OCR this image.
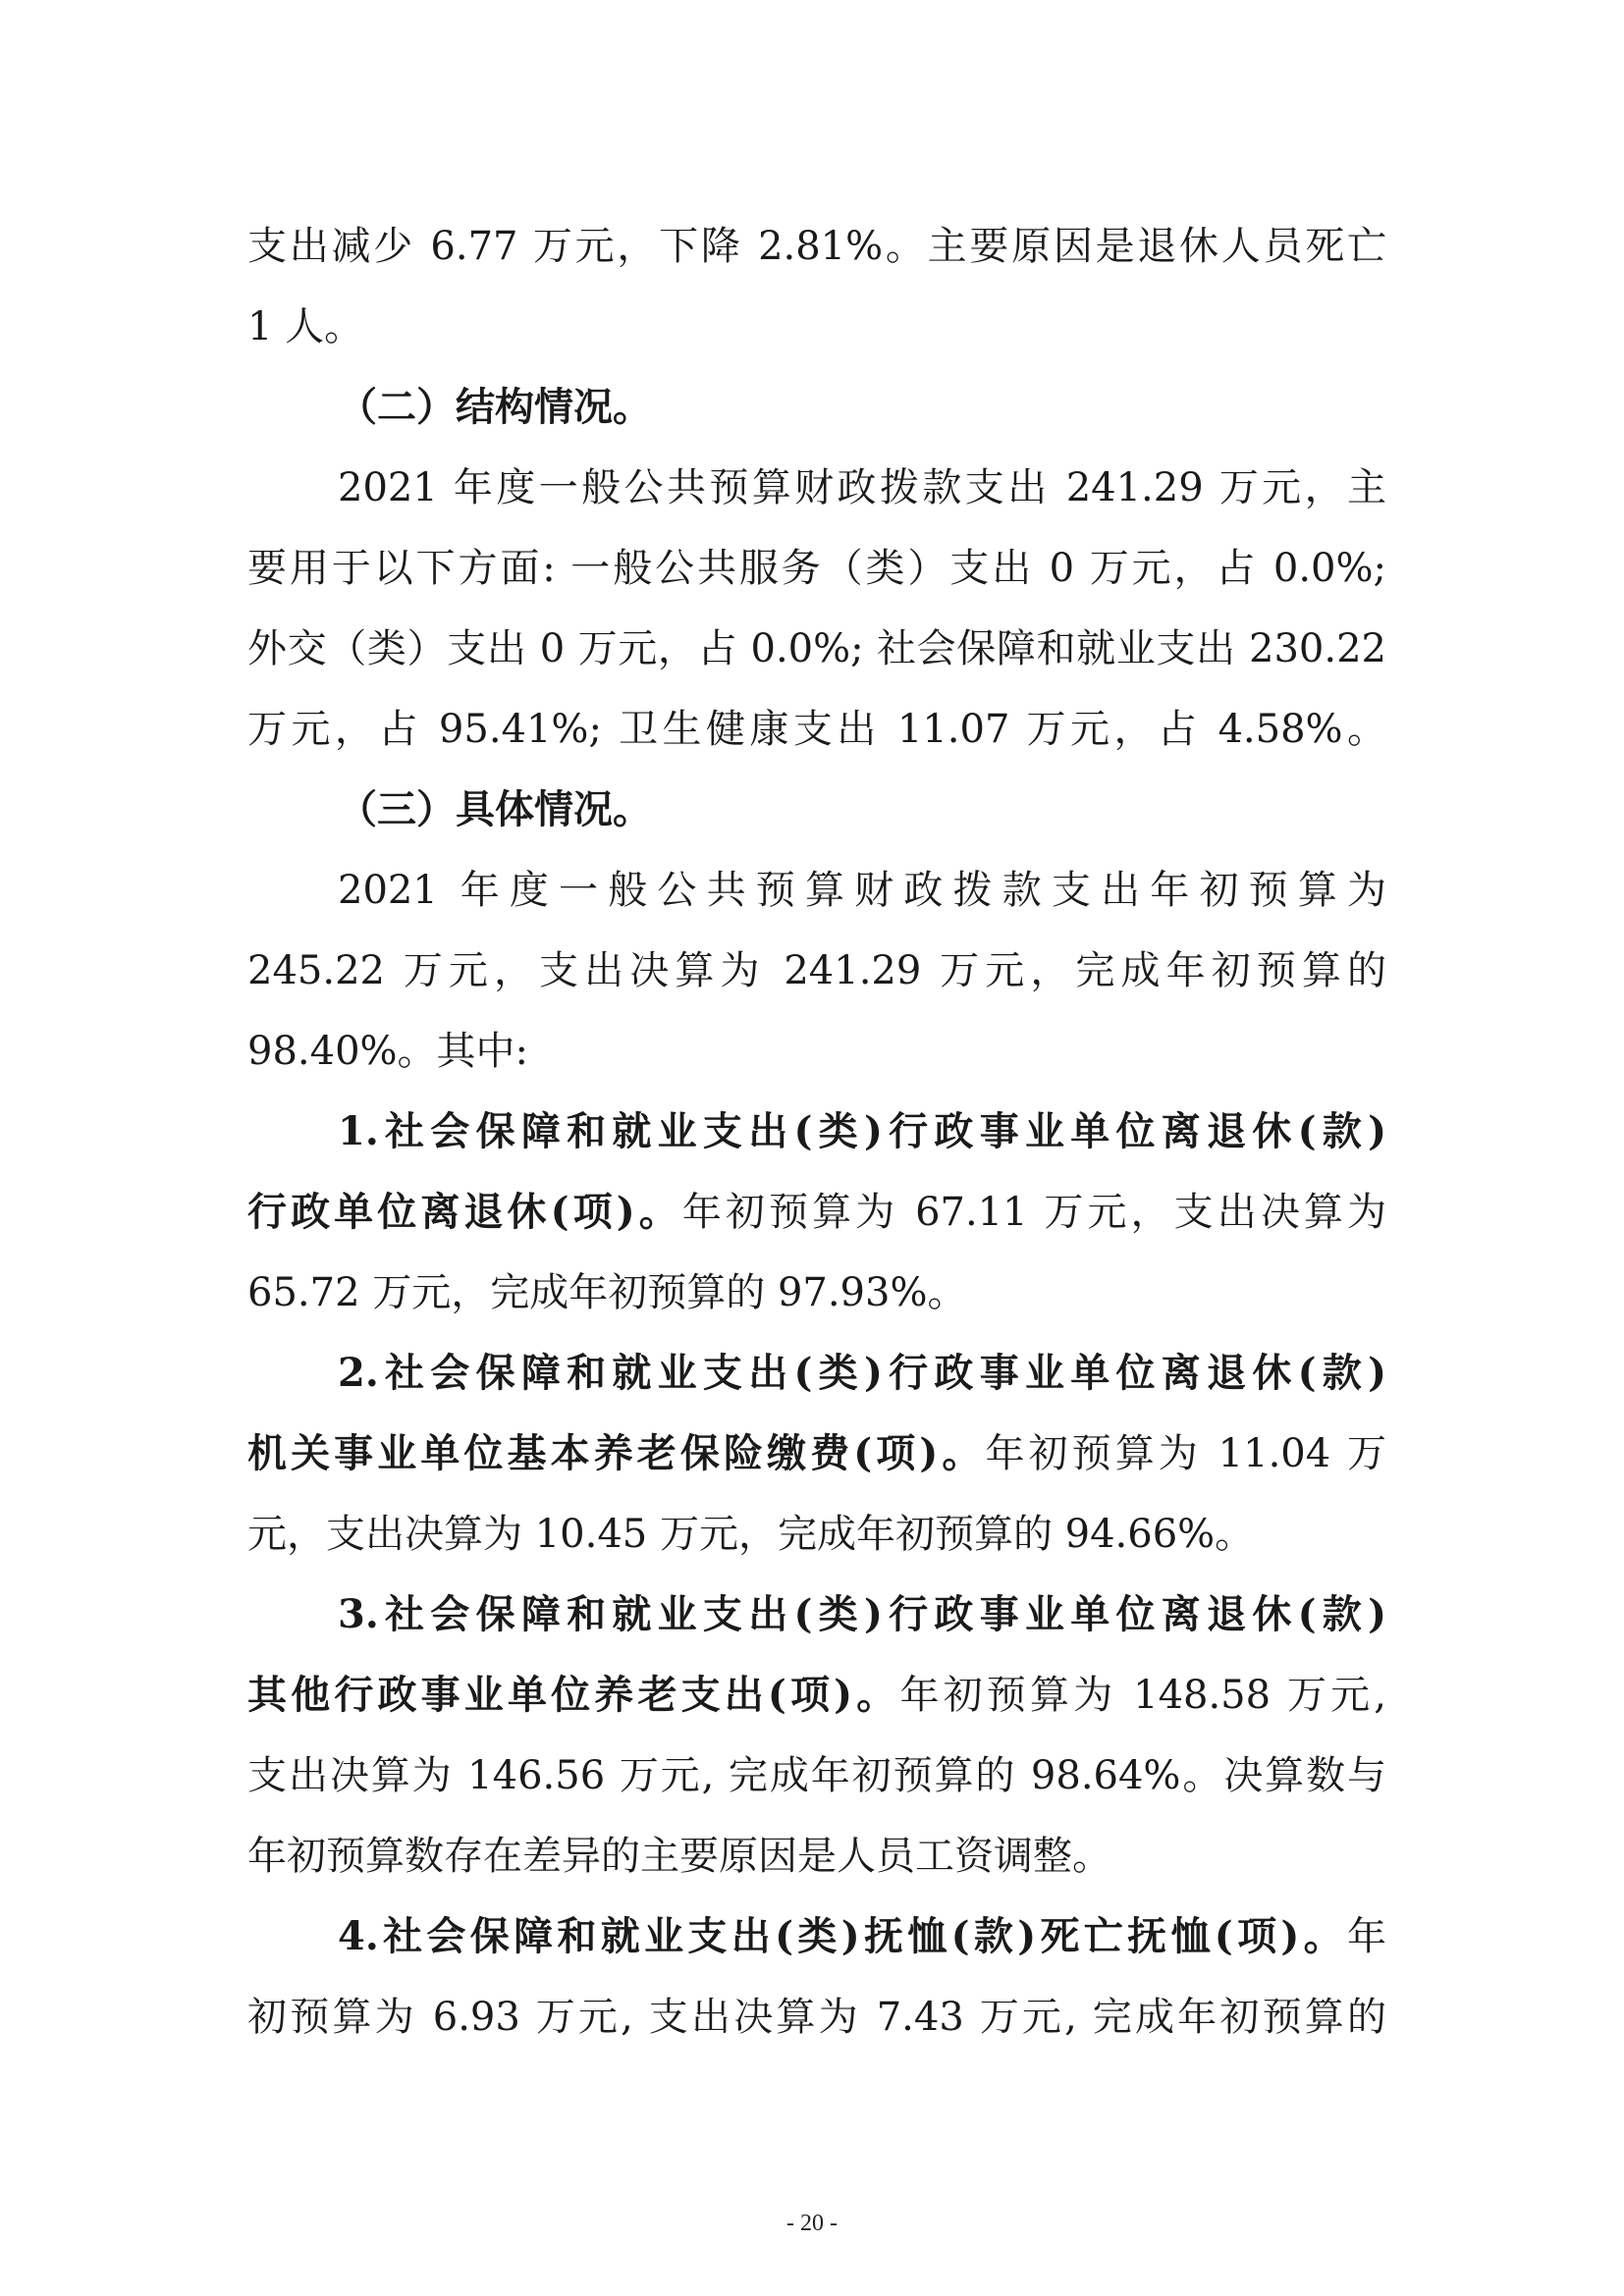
支出减少 6.77 万元，下降 2.81%。主要原因是退休人员死亡
1 人。
（二）结构情况。
2021 年度一般公共预算财政拨款支出 241.29 万元，主
要用于以下方面: 一般公共服务（类）支出 0 万元，占 0.0%;
外交（类）支出 0 万元，占 0.0%; 社会保障和就业支出 230.22
万元，占 95.41%; 卫生健康支出 11.07 万元，占 4.58%。
（三）具体情况。
2021 年度一般公共预算财政拨款支出年初预算为
245.22 万元，支出决算为 241.29 万元，完成年初预算的
98.40%。其中:
1.社会保障和就业支出(类)行政事业单位离退休(款)
行政单位离退休(项)。年初预算为 67.11 万元，支出决算为
65.72 万元，完成年初预算的 97.93%。
2.社会保障和就业支出(类)行政事业单位离退休(款)
机关事业单位基本养老保险缴费(项)。年初预算为 11.04 万
元，支出决算为 10.45 万元，完成年初预算的 94.66%。
3.社会保障和就业支出(类)行政事业单位离退休(款)
其他行政事业单位养老支出(项)。年初预算为 148.58 万元,
支出决算为 146.56 万元, 完成年初预算的 98.64%。决算数与
年初预算数存在差异的主要原因是人员工资调整。
4.社会保障和就业支出(类)抚恤(款)死亡抚恤(项)。年
初预算为 6.93 万元, 支出决算为 7.43 万元, 完成年初预算的
- 20 -
